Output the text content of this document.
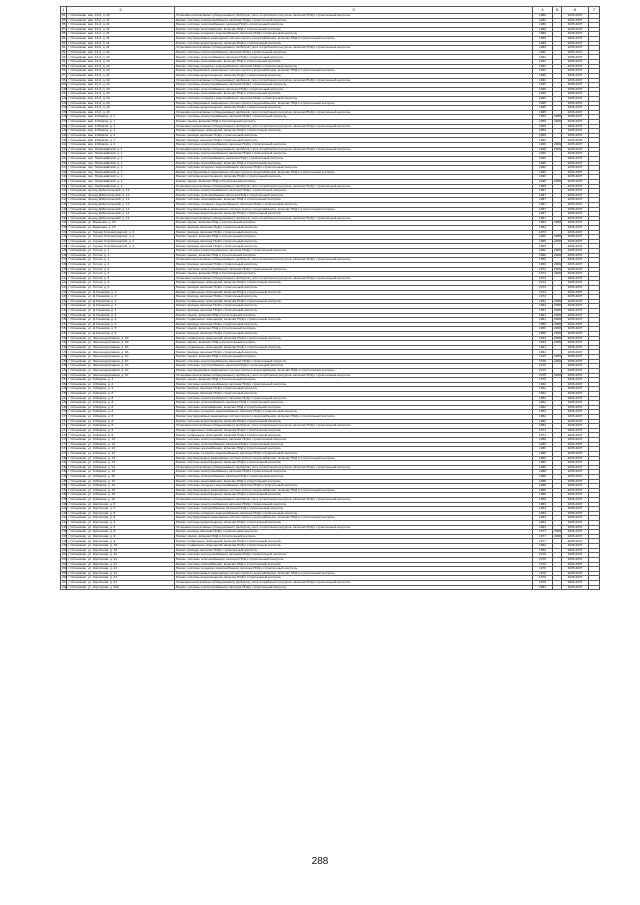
1	2	3	4	5	6	7
84	г. Оятьмково, мкн. 13-й, д. 20	Установка коллективных (общедомовых) приборов учета потребления ресурсов, включая ПСД и строительный контроль	1989		2035-2037	
85	г. Оятьмково, мкн. 13-й, д. 21	Ремонт системы электроснабжения, включая ПСД и строительный контроль	1989		2035-2037	
86	г. Оятьмково, мкн. 13-й, д. 21	Ремонт системы теплоснабжения, включая ПСД и строительный контроль	1989		2035-2037	
87	г. Оятьмково, мкн. 13-й, д. 21	Ремонт системы газоснабжения, включая ПСД и строительный контроль	1989		2035-2037	
88	г. Оятьмково, мкн. 13-й, д. 21	Ремонт системы холодного водоснабжения, включая ПСД и строительный контроль	1989		2035-2037	
89	г. Оятьмково, мкн. 13-й, д. 21	Ремонт внутридомовых инженерных систем горячего водоснабжения, включая ПСД и строительный контроль	1989		2035-2037	
90	г. Оятьмково, мкн. 13-й, д. 21	Ремонт системы водоотведения, включая ПСД и строительный контроль	1989		2035-2037	
91	г. Оятьмково, мкн. 13-й, д. 21	Установка коллективных (общедомовых) приборов учета потребления ресурсов, включая ПСД и строительный контроль	1989		2035-2037	
92	г. Оятьмково, мкн. 13-й, д. 22	Ремонт системы электроснабжения, включая ПСД и строительный контроль	1992		2035-2037	
93	г. Оятьмково, мкн. 13-й, д. 22	Ремонт системы теплоснабжения, включая ПСД и строительный контроль	1992		2035-2037	
94	г. Оятьмково, мкн. 13-й, д. 22	Ремонт системы газоснабжения, включая ПСД и строительный контроль	1992		2035-2037	
95	г. Оятьмково, мкн. 13-й, д. 22	Ремонт системы холодного водоснабжения, включая ПСД и строительный контроль	1992		2035-2037	
96	г. Оятьмково, мкн. 13-й, д. 22	Ремонт внутридомовых инженерных систем горячего водоснабжения, включая ПСД и строительный контроль	1992		2035-2037	
97	г. Оятьмково, мкн. 13-й, д. 22	Ремонт системы водоотведения, включая ПСД и строительный контроль	1992		2035-2037	
98	г. Оятьмково, мкн. 13-й, д. 22	Установка коллективных (общедомовых) приборов учета потребления ресурсов, включая ПСД и строительный контроль	1992		2035-2037	
99	г. Оятьмково, мкн. 13-й, д. 23	Ремонт системы электроснабжения, включая ПСД и строительный контроль	1995		2035-2037	
100	г. Оятьмково, мкн. 13-й, д. 23	Ремонт системы теплоснабжения, включая ПСД и строительный контроль	1995		2035-2037	
101	г. Оятьмково, мкн. 13-й, д. 23	Ремонт системы газоснабжения, включая ПСД и строительный контроль	1995		2035-2037	
102	г. Оятьмково, мкн. 13-й, д. 23	Ремонт системы холодного водоснабжения, включая ПСД и строительный контроль	1995		2035-2037	
103	г. Оятьмково, мкн. 13-й, д. 23	Ремонт внутридомовых инженерных систем горячего водоснабжения, включая ПСД и строительный контроль	1995		2035-2037	
104	г. Оятьмково, мкн. 13-й, д. 23	Ремонт системы водоотведения, включая ПСД и строительный контроль	1995		2035-2037	
105	г. Оятьмково, мкн. 13-й, д. 23	Установка коллективных (общедомовых) приборов учета потребления ресурсов, включая ПСД и строительный контроль	1995		2035-2037	
106	г. Оятьмково, мкн. К.Маркса, д. 1	Ремонт системы электроснабжения, включая ПСД и строительный контроль	1959	2008	2035-2037	
107	г. Оятьмково, мкн. К.Маркса, д. 1	Ремонт крыши, включая ПСД и строительный контроль	1959	2008	2035-2037	
108	г. Оятьмково, мкн. К.Маркса, д. 1	Установка коллективных (общедомовых) приборов учета потребления ресурсов, включая ПСД и строительный контроль	1959		2035-2037	
109	г. Оятьмково, мкн. К.Маркса, д. 1	Ремонт подвальных помещений, включая ПСД и строительный контроль	1959		2035-2037	
110	г. Оятьмково, мкн. К.Маркса, д. 2	Ремонт фасада, включая ПСД и строительный контроль	1960		2035-2037	
111	г. Оятьмково, мкн. К.Маркса, д. 2	Ремонт фасада, включая ПСД и строительный контроль	1960		2035-2037	
112	г. Оятьмково, мкн. К.Маркса, д. 2	Ремонт системы электроснабжения, включая ПСД и строительный контроль	1968	2009	2035-2037	
113	г. Оятьмково, пер. Первомайский, д. 1	Установка коллективных (общедомовых) приборов учета потребления ресурсов, включая ПСД и строительный контроль	1968	2009	2035-2037	
114	г. Оятьмково, пер. Первомайский, д. 1	Ремонт системы электроснабжения, включая ПСД и строительный контроль	1990		2035-2037	
115	г. Оятьмково, пер. Первомайский, д. 1	Ремонт системы теплоснабжения, включая ПСД и строительный контроль	1990		2035-2037	
116	г. Оятьмково, пер. Первомайский, д. 1	Ремонт системы газоснабжения, включая ПСД и строительный контроль	1990		2035-2037	
117	г. Оятьмково, пер. Первомайский, д. 1	Ремонт системы холодного водоснабжения, включая ПСД и строительный контроль	1990		2035-2037	
118	г. Оятьмково, пер. Первомайский, д. 1	Ремонт внутридомовых инженерных систем горячего водоснабжения, включая ПСД и строительный контроль	1990		2035-2037	
119	г. Оятьмково, пер. Первомайский, д. 1	Ремонт системы водоотведения, включая ПСД и строительный контроль	1990		2035-2037	
120	г. Оятьмково, пер. Первомайский, д. 1	Ремонт крыши, включая ПСД и строительный контроль	1990	2009	2035-2037	
121	г. Оятьмково, пер. Первомайский, д. 1	Установка коллективных (общедомовых) приборов учета потребления ресурсов, включая ПСД и строительный контроль	1990		2035-2037	
122	г. Оятьмково, проезд Добросельский, д. 12	Ремонт системы электроснабжения, включая ПСД и строительный контроль	1987		2035-2037	
123	г. Оятьмково, проезд Добросельский, д. 12	Ремонт системы теплоснабжения, включая ПСД и строительный контроль	1987		2035-2037	
124	г. Оятьмково, проезд Добросельский, д. 12	Ремонт системы газоснабжения, включая ПСД и строительный контроль	1987		2035-2037	
125	г. Оятьмково, проезд Добросельский, д. 12	Ремонт системы холодного водоснабжения, включая ПСД и строительный контроль	1987		2035-2037	
126	г. Оятьмково, проезд Добросельский, д. 12	Ремонт внутридомовых инженерных систем горячего водоснабжения, включая ПСД и строительный контроль	1987		2035-2037	
127	г. Оятьмково, проезд Добросельский, д. 12	Ремонт системы водоотведения, включая ПСД и строительный контроль	1987		2035-2037	
128	г. Оятьмково, проезд Добросельский, д. 12	Установка коллективных (общедомовых) приборов учета потребления ресурсов, включая ПСД и строительный контроль	1987		2035-2037	
129	г. Оятьмково, ул. Баранова, д. 15	Ремонт крыши, включая ПСД и строительный контроль	1962	2008	2035-2037	
130	г. Оятьмково, ул. Баранова, д. 15	Ремонт фасада, включая ПСД и строительный контроль	1962		2035-2037	
131	г. Оятьмково, ул. Героев Сталинградской, д. 3	Ремонт фасада, включая ПСД и строительный контроль	1973		2035-2037	
132	г. Оятьмково, ул. Героев Сталинградской, д. 4	Ремонт крыши, включая ПСД и строительный контроль	1965	2008	2035-2037	
133	г. Оятьмково, ул. Героев Сталинградской, д. 4	Ремонт фасада, включая ПСД и строительный контроль	1965	2008	2035-2037	
134	г. Оятьмково, ул. Героев Сталинградской, д. 4	Ремонт фасада, включая ПСД и строительный контроль	1965		2035-2037	
135	г. Оятьмково, ул. Гоголя, д. 1	Ремонт системы электроснабжения, включая ПСД и строительный контроль	1960	2009	2035-2037	
136	г. Оятьмково, ул. Гоголя, д. 1	Ремонт крыши, включая ПСД и строительный контроль	1960	2009	2035-2037	
137	г. Оятьмково, ул. Гоголя, д. 1	Установка коллективных (общедомовых) приборов учета потребления ресурсов, включая ПСД и строительный контроль	1960		2035-2037	
138	г. Оятьмково, ул. Гоголя, д. 1	Ремонт фасада, включая ПСД и строительный контроль	1960	2009	2035-2037	
139	г. Оятьмково, ул. Гоголя, д. 3	Ремонт системы электроснабжения, включая ПСД и строительный контроль	1973	2009	2035-2037	
140	г. Оятьмково, ул. Гоголя, д. 3	Ремонт крыши, включая ПСД и строительный контроль	1973	2008	2035-2037	
141	г. Оятьмково, ул. Гоголя, д. 3	Установка коллективных (общедомовых) приборов учета потребления ресурсов, включая ПСД и строительный контроль	1973		2035-2037	
142	г. Оятьмково, ул. Гоголя, д. 3	Ремонт подвальных помещений, включая ПСД и строительный контроль	1973		2035-2037	
143	г. Оятьмково, ул. Гоголя, д. 3	Ремонт фасада, включая ПСД и строительный контроль	1973		2035-2037	
144	г. Оятьмково, ул. Д.Ульянова, д. 2	Ремонт подвальных помещений, включая ПСД и строительный контроль	1974		2035-2037	
145	г. Оятьмково, ул. Д.Ульянова, д. 2	Ремонт фасада, включая ПСД и строительный контроль	1974		2035-2037	
146	г. Оятьмково, ул. Д.Ульянова, д. 3	Ремонт подвальных помещений, включая ПСД и строительный контроль	1962	2008	2035-2037	
147	г. Оятьмково, ул. Д.Ульянова, д. 3	Ремонт фасада, включая ПСД и строительный контроль	1962	2008	2035-2037	
148	г. Оятьмково, ул. Д.Ульянова, д. 4	Ремонт фасада, включая ПСД и строительный контроль	1961	2008	2035-2037	
149	г. Оятьмково, ул. Д.Ульянова, д. 4	Ремонт крыши, включая ПСД и строительный контроль	1961	2008	2035-2037	
150	г. Оятьмково, ул. Д.Ульянова, д. 4	Ремонт подвальных помещений, включая ПСД и строительный контроль	1961	2008	2035-2037	
151	г. Оятьмково, ул. Д.Ульянова, д. 4	Ремонт фасада, включая ПСД и строительный контроль	1956	2008	2035-2037	
152	г. Оятьмково, ул. Д.Ульянова, д. 5	Ремонт крыши, включая ПСД и строительный контроль	1956	2008	2035-2037	
153	г. Оятьмково, ул. Д.Ульянова, д. 5	Ремонт фасада, включая ПСД и строительный контроль	1956	2008	2035-2037	
154	г. Оятьмково, ул. Железнодорожная, д. 6А	Ремонт подвальных помещений, включая ПСД и строительный контроль	1934	2008	2035-2037	
155	г. Оятьмково, ул. Железнодорожная, д. 6А	Ремонт крыши, включая ПСД и строительный контроль	1934	2008	2035-2037	
156	г. Оятьмково, ул. Железнодорожная, д. 6А	Ремонт подвальных помещений, включая ПСД и строительный контроль	1991		2035-2037	
157	г. Оятьмково, ул. Железнодорожная, д. 8А	Ремонт фасада, включая ПСД и строительный контроль	1991		2035-2037	
158	г. Оятьмково, ул. Железнодорожная, д. 10	Ремонт крыши, включая ПСД и строительный контроль	1915	2009	2035-2037	
159	г. Оятьмково, ул. Железнодорожная, д. 10	Ремонт системы электроснабжения, включая ПСД и строительный контроль	1975	2009	2035-2037	
160	г. Оятьмково, ул. Железнодорожная, д. 10	Ремонт системы теплоснабжения, включая ПСД и строительный контроль	1975		2035-2037	
161	г. Оятьмково, ул. Железнодорожная, д. 10	Ремонт внутридомовых инженерных систем горячего водоснабжения, включая ПСД и строительный контроль	1975		2035-2037	
162	г. Оятьмково, ул. Железнодорожная, д. 10	Установка коллективных (общедомовых) приборов учета потребления ресурсов, включая ПСД и строительный контроль	1975	2009	2035-2037	
163	г. Оятьмково, ул. К.Маркса, д. 1	Ремонт крыши, включая ПСД и строительный контроль	1975		2035-2037	
164	г. Оятьмково, ул. К.Маркса, д. 2	Ремонт системы электроснабжения, включая ПСД и строительный контроль	1962		2035-2037	
165	г. Оятьмково, ул. К.Маркса, д. 2	Ремонт фасада, включая ПСД и строительный контроль	1962		2035-2037	
166	г. Оятьмково, ул. К.Маркса, д. 6	Ремонт фасада, включая ПСД и строительный контроль	1962		2035-2037	
167	г. Оятьмково, ул. К.Маркса, д. 8	Ремонт системы электроснабжения, включая ПСД и строительный контроль	1982		2035-2037	
168	г. Оятьмково, ул. К.Маркса, д. 8	Ремонт системы теплоснабжения, включая ПСД и строительный контроль	1982		2035-2037	
169	г. Оятьмково, ул. К.Маркса, д. 8	Ремонт системы газоснабжения, включая ПСД и строительный контроль	1982		2035-2037	
170	г. Оятьмково, ул. К.Маркса, д. 8	Ремонт системы холодного водоснабжения, включая ПСД и строительный контроль	1982		2035-2037	
171	г. Оятьмково, ул. К.Маркса, д. 8	Ремонт внутридомовых инженерных систем горячего водоснабжения, включая ПСД и строительный контроль	1982		2035-2037	
172	г. Оятьмково, ул. К.Маркса, д. 8	Ремонт системы водоотведения, включая ПСД и строительный контроль	1982		2035-2037	
173	г. Оятьмково, ул. К.Маркса, д. 8	Установка коллективных (общедомовых) приборов учета потребления ресурсов, включая ПСД и строительный контроль	1982		2035-2037	
174	г. Оятьмково, ул. К.Маркса, д. 9	Ремонт подвальных помещений, включая ПСД и строительный контроль	1971		2035-2037	
175	г. Оятьмково, ул. К.Маркса, д. 9	Ремонт подвальных помещений, включая ПСД и строительный контроль	1971		2035-2037	
176	г. Оятьмково, ул. К.Маркса, д. 13	Ремонт системы электроснабжения, включая ПСД и строительный контроль	1986		2035-2037	
177	г. Оятьмково, ул. К.Маркса, д. 13	Ремонт системы теплоснабжения, включая ПСД и строительный контроль	1986		2035-2037	
178	г. Оятьмково, ул. К.Маркса, д. 13	Ремонт системы газоснабжения, включая ПСД и строительный контроль	1986		2035-2037	
179	г. Оятьмково, ул. К.Маркса, д. 13	Ремонт системы холодного водоснабжения, включая ПСД и строительный контроль	1986		2035-2037	
180	г. Оятьмково, ул. К.Маркса, д. 13	Ремонт внутридомовых инженерных систем горячего водоснабжения, включая ПСД и строительный контроль	1986		2035-2037	
181	г. Оятьмково, ул. К.Маркса, д. 13	Ремонт системы водоотведения, включая ПСД и строительный контроль	1986		2035-2037	
182	г. Оятьмково, ул. К.Маркса, д. 13	Установка коллективных (общедомовых) приборов учета потребления ресурсов, включая ПСД и строительный контроль	1986		2035-2037	
183	г. Оятьмково, ул. К.Маркса, д. 15	Ремонт системы электроснабжения, включая ПСД и строительный контроль	1988		2035-2037	
184	г. Оятьмково, ул. К.Маркса, д. 15	Ремонт системы теплоснабжения, включая ПСД и строительный контроль	1988		2035-2037	
185	г. Оятьмково, ул. К.Маркса, д. 15	Ремонт системы газоснабжения, включая ПСД и строительный контроль	1988		2035-2037	
186	г. Оятьмково, ул. К.Маркса, д. 15	Ремонт системы холодного водоснабжения, включая ПСД и строительный контроль	1988		2035-2037	
187	г. Оятьмково, ул. К.Маркса, д. 15	Ремонт внутридомовых инженерных систем горячего водоснабжения, включая ПСД и строительный контроль	1988		2035-2037	
188	г. Оятьмково, ул. К.Маркса, д. 15	Ремонт системы водоотведения, включая ПСД и строительный контроль	1988		2035-2037	
189	г. Оятьмково, ул. К.Маркса, д. 15	Установка коллективных (общедомовых) приборов учета потребления ресурсов, включая ПСД и строительный контроль	1988		2035-2037	
190	г. Оятьмково, ул. Кирпичная, д. 5	Ремонт системы электроснабжения, включая ПСД и строительный контроль	1983		2035-2037	
191	г. Оятьмково, ул. Кирпичная, д. 5	Ремонт системы теплоснабжения, включая ПСД и строительный контроль	1983		2035-2037	
192	г. Оятьмково, ул. Кирпичная, д. 5	Ремонт системы холодного водоснабжения, включая ПСД и строительный контроль	1983		2035-2037	
193	г. Оятьмково, ул. Кирпичная, д. 5	Ремонт внутридомовых инженерных систем горячего водоснабжения, включая ПСД и строительный контроль	1983		2035-2037	
194	г. Оятьмково, ул. Кирпичная, д. 5	Ремонт системы водоотведения, включая ПСД и строительный контроль	1983		2035-2037	
195	г. Оятьмково, ул. Кирпичная, д. 5	Установка коллективных (общедомовых) приборов учета потребления ресурсов, включая ПСД и строительный контроль	1983		2035-2037	
196	г. Оятьмково, ул. Кирпичная, д. 9	Ремонт фасада, включая ПСД и строительный контроль	1977	2008	2035-2037	
197	г. Оятьмково, ул. Кирпичная, д. 9	Ремонт крыши, включая ПСД и строительный контроль	1977	2008	2035-2037	
198	г. Оятьмково, ул. Кирпичная, д. 9	Ремонт подвальных помещений, включая ПСД и строительный контроль	1977		2035-2037	
199	г. Оятьмково, ул. Кирпичная, д. 19	Ремонт подвальных помещений, включая ПСД и строительный контроль	1962		2035-2037	
200	г. Оятьмково, ул. Кирпичная, д. 19	Ремонт фасада, включая ПСД и строительный контроль	1962		2035-2037	
201	г. Оятьмково, ул. Кирпичная, д. 19	Ремонт системы электроснабжения, включая ПСД и строительный контроль	1976		2035-2037	
202	г. Оятьмково, ул. Кирпичная, д. 21	Ремонт системы теплоснабжения, включая ПСД и строительный контроль	1976		2035-2037	
203	г. Оятьмково, ул. Кирпичная, д. 21	Ремонт системы газоснабжения, включая ПСД и строительный контроль	1976		2035-2037	
204	г. Оятьмково, ул. Кирпичная, д. 21	Ремонт системы холодного водоснабжения, включая ПСД и строительный контроль	1976		2035-2037	
205	г. Оятьмково, ул. Кирпичная, д. 21	Ремонт внутридомовых инженерных систем горячего водоснабжения, включая ПСД и строительный контроль	1976		2035-2037	
206	г. Оятьмково, ул. Кирпичная, д. 21	Ремонт системы водоотведения, включая ПСД и строительный контроль	1976		2035-2037	
207	г. Оятьмково, ул. Кирпичная, д. 21	Установка коллективных (общедомовых) приборов учета потребления ресурсов, включая ПСД и строительный контроль	1976		2035-2037	
208	г. Оятьмково, ул. Кирпичная, д. 33А	Ремонт системы электроснабжения, включая ПСД и строительный контроль	1984		2035-2037	
288
